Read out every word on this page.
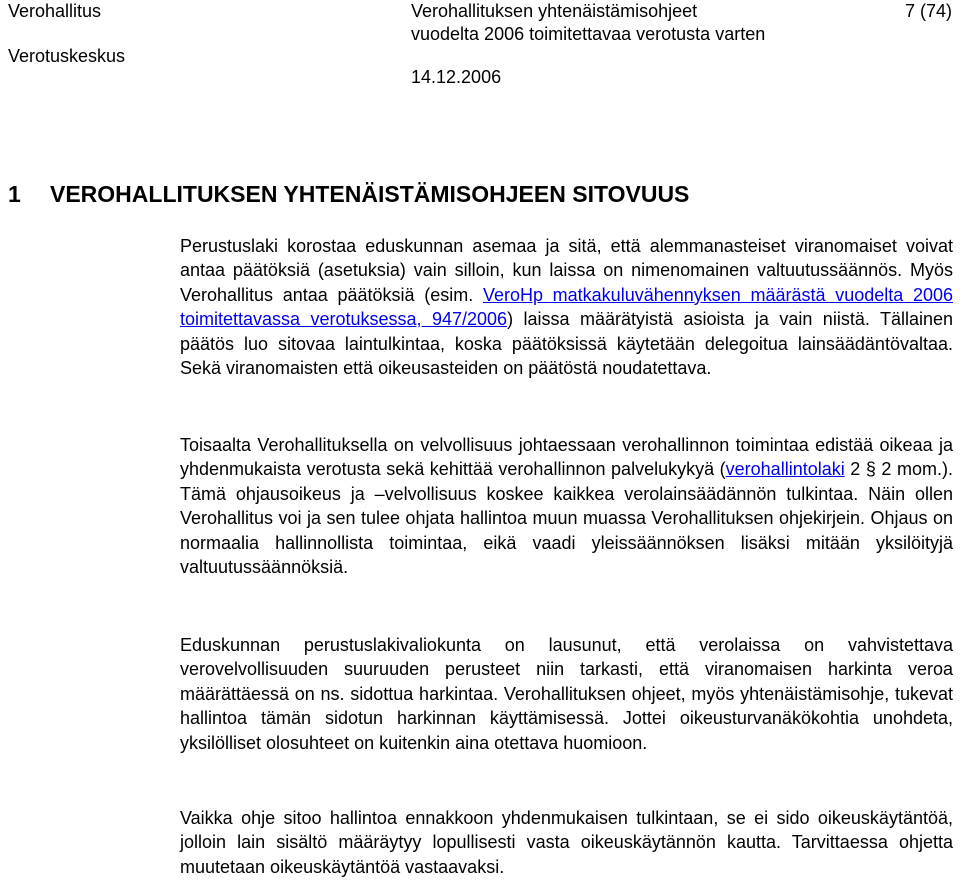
Verohallitus
Verotuskeskus
Verohallituksen yhtenäistämisohjeet
vuodelta 2006 toimitettavaa verotusta varten
14.12.2006
7 (74)
1 VEROHALLITUKSEN YHTENÄISTÄMISOHJEEN SITOVUUS

Perustuslaki korostaa eduskunnan asemaa ja sitä, että alemmanasteiset viranomaiset voivat antaa päätöksiä (asetuksia) vain silloin, kun laissa on nimenomainen valtuutussäännös. Myös Verohallitus antaa päätöksiä (esim. VeroHp matkakuluvähennyksen määrästä vuodelta 2006 toimitettavassa verotuksessa, 947/2006) laissa määrätyistä asioista ja vain niistä. Tällainen päätös luo sitovaa laintulkintaa, koska päätöksissä käytetään delegoitua lainsäädäntövaltaa. Sekä viranomaisten että oikeusasteiden on päätöstä noudatettava.

Toisaalta Verohallituksella on velvollisuus johtaessaan verohallinnon toimintaa edistää oikeaa ja yhdenmukaista verotusta sekä kehittää verohallinnon palvelukykyä (verohallintolaki 2 § 2 mom.). Tämä ohjausoikeus ja –velvollisuus koskee kaikkea verolainsäädännön tulkintaa. Näin ollen Verohallitus voi ja sen tulee ohjata hallintoa muun muassa Verohallituksen ohjekirjein. Ohjaus on normaalia hallinnollista toimintaa, eikä vaadi yleissäännöksen lisäksi mitään yksilöityjä valtuutussäännöksiä.

Eduskunnan perustuslakivaliokunta on lausunut, että verolaissa on vahvistettava verovelvollisuuden suuruuden perusteet niin tarkasti, että viranomaisen harkinta veroa määrättäessä on ns. sidottua harkintaa. Verohallituksen ohjeet, myös yhtenäistämisohje, tukevat hallintoa tämän sidotun harkinnan käyttämisessä. Jottei oikeusturvanäkökohtia unohdeta, yksilölliset olosuhteet on kuitenkin aina otettava huomioon.

Vaikka ohje sitoo hallintoa ennakkoon yhdenmukaisen tulkintaan, se ei sido oikeuskäytäntöä, jolloin lain sisältö määräytyy lopullisesti vasta oikeuskäytännön kautta. Tarvittaessa ohjetta muutetaan oikeuskäytäntöä vastaavaksi.
